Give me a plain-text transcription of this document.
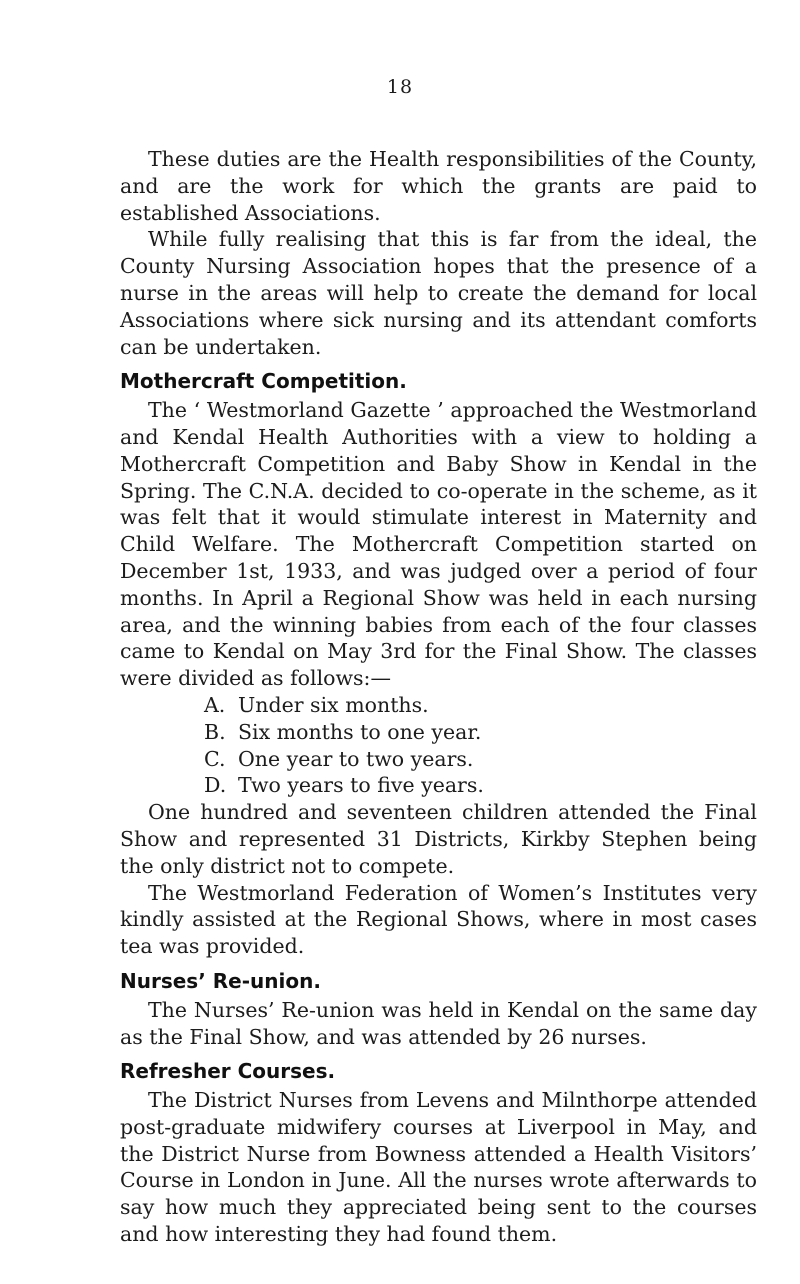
18

These duties are the Health responsibilities of the County, and are the work for which the grants are paid to established Associations.

While fully realising that this is far from the ideal, the County Nursing Association hopes that the presence of a nurse in the areas will help to create the demand for local Associations where sick nursing and its attendant comforts can be undertaken.

Mothercraft Competition.

The ‘ Westmorland Gazette ’ approached the Westmorland and Kendal Health Authorities with a view to holding a Mothercraft Competition and Baby Show in Kendal in the Spring. The C.N.A. decided to co-operate in the scheme, as it was felt that it would stimulate interest in Maternity and Child Welfare. The Mothercraft Competition started on December 1st, 1933, and was judged over a period of four months. In April a Regional Show was held in each nursing area, and the winning babies from each of the four classes came to Kendal on May 3rd for the Final Show. The classes were divided as follows:—

A. Under six months.
B. Six months to one year.
C. One year to two years.
D. Two years to five years.

One hundred and seventeen children attended the Final Show and represented 31 Districts, Kirkby Stephen being the only district not to compete.

The Westmorland Federation of Women’s Institutes very kindly assisted at the Regional Shows, where in most cases tea was provided.

Nurses’ Re-union.

The Nurses’ Re-union was held in Kendal on the same day as the Final Show, and was attended by 26 nurses.

Refresher Courses.

The District Nurses from Levens and Milnthorpe attended post-graduate midwifery courses at Liverpool in May, and the District Nurse from Bowness attended a Health Visitors’ Course in London in June. All the nurses wrote afterwards to say how much they appreciated being sent to the courses and how interesting they had found them.
